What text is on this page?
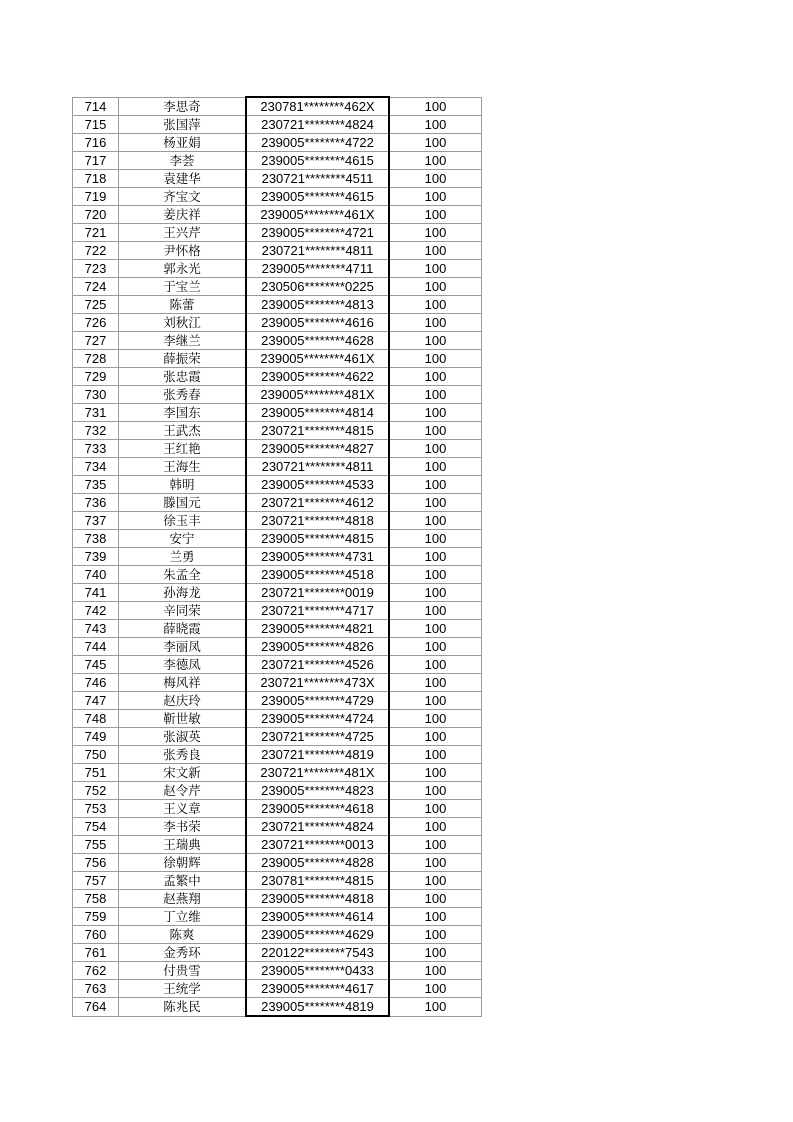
714	李思奇	230781********462X	100
715	张国萍	230721********4824	100
716	杨亚娟	239005********4722	100
717	李荟	239005********4615	100
718	袁建华	230721********4511	100
719	齐宝文	239005********4615	100
720	姜庆祥	239005********461X	100
721	王兴芹	239005********4721	100
722	尹怀格	230721********4811	100
723	郭永光	239005********4711	100
724	于宝兰	230506********0225	100
725	陈蕾	239005********4813	100
726	刘秋江	239005********4616	100
727	李继兰	239005********4628	100
728	薛振荣	239005********461X	100
729	张忠霞	239005********4622	100
730	张秀春	239005********481X	100
731	李国东	239005********4814	100
732	王武杰	230721********4815	100
733	王红艳	239005********4827	100
734	王海生	230721********4811	100
735	韩明	239005********4533	100
736	滕国元	230721********4612	100
737	徐玉丰	230721********4818	100
738	安宁	239005********4815	100
739	兰勇	239005********4731	100
740	朱孟全	239005********4518	100
741	孙海龙	230721********0019	100
742	辛同荣	230721********4717	100
743	薛晓霞	239005********4821	100
744	李丽凤	239005********4826	100
745	李德凤	230721********4526	100
746	梅风祥	230721********473X	100
747	赵庆玲	239005********4729	100
748	靳世敏	239005********4724	100
749	张淑英	230721********4725	100
750	张秀良	230721********4819	100
751	宋文新	230721********481X	100
752	赵令芹	239005********4823	100
753	王义章	239005********4618	100
754	李书荣	230721********4824	100
755	王瑞典	230721********0013	100
756	徐朝辉	239005********4828	100
757	孟繁中	230781********4815	100
758	赵燕翔	239005********4818	100
759	丁立维	239005********4614	100
760	陈爽	239005********4629	100
761	金秀环	220122********7543	100
762	付贵雪	239005********0433	100
763	王统学	239005********4617	100
764	陈兆民	239005********4819	100
